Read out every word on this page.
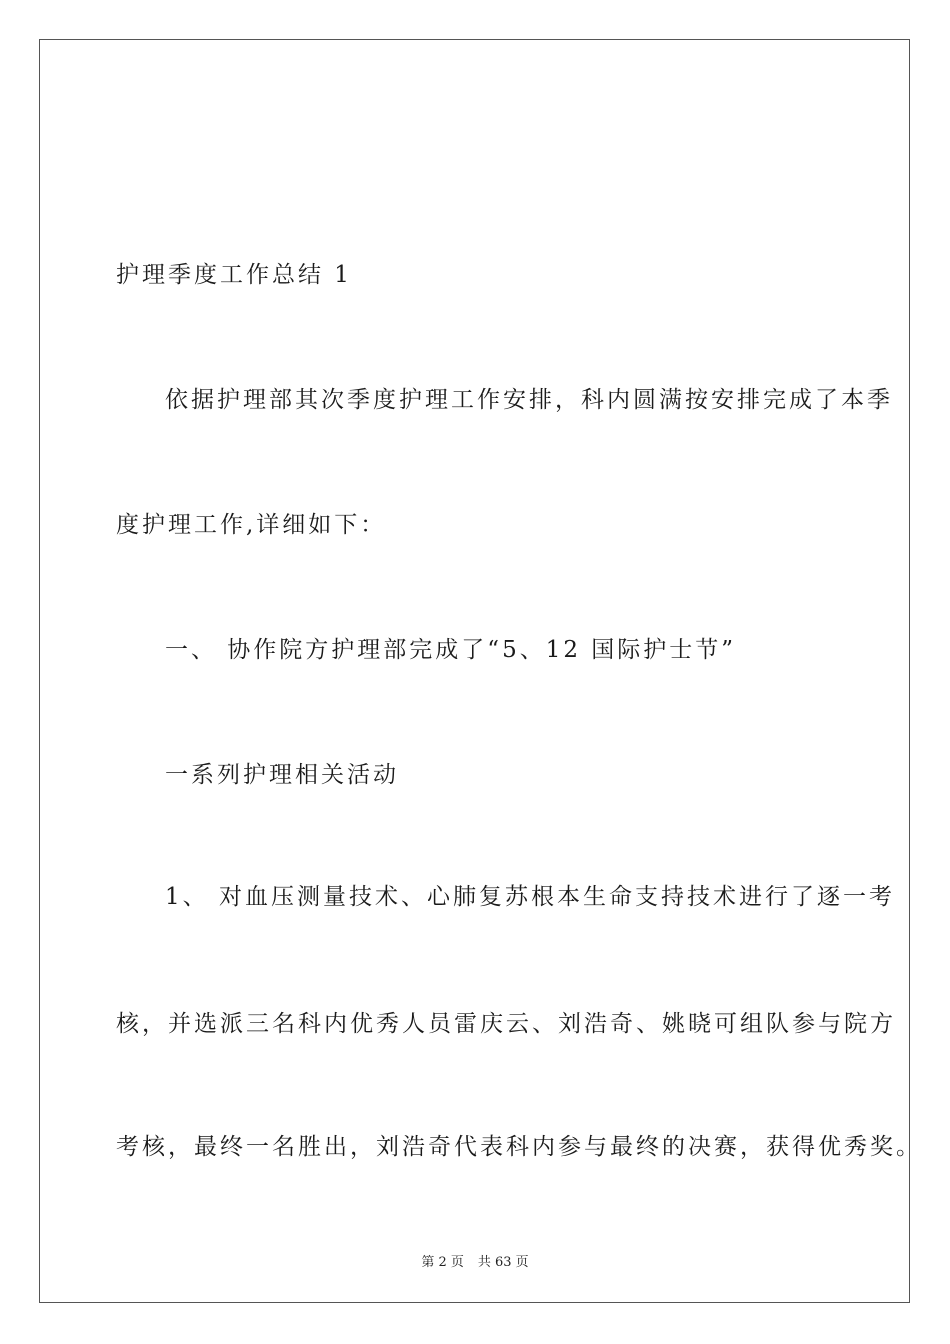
护理季度工作总结 1
依据护理部其次季度护理工作安排，科内圆满按安排完成了本季
度护理工作,详细如下：
一、 协作院方护理部完成了“5、12 国际护士节”
一系列护理相关活动
1、 对血压测量技术、心肺复苏根本生命支持技术进行了逐一考
核，并选派三名科内优秀人员雷庆云、刘浩奇、姚晓可组队参与院方
考核，最终一名胜出，刘浩奇代表科内参与最终的决赛，获得优秀奖。
第 2 页 共 63 页
